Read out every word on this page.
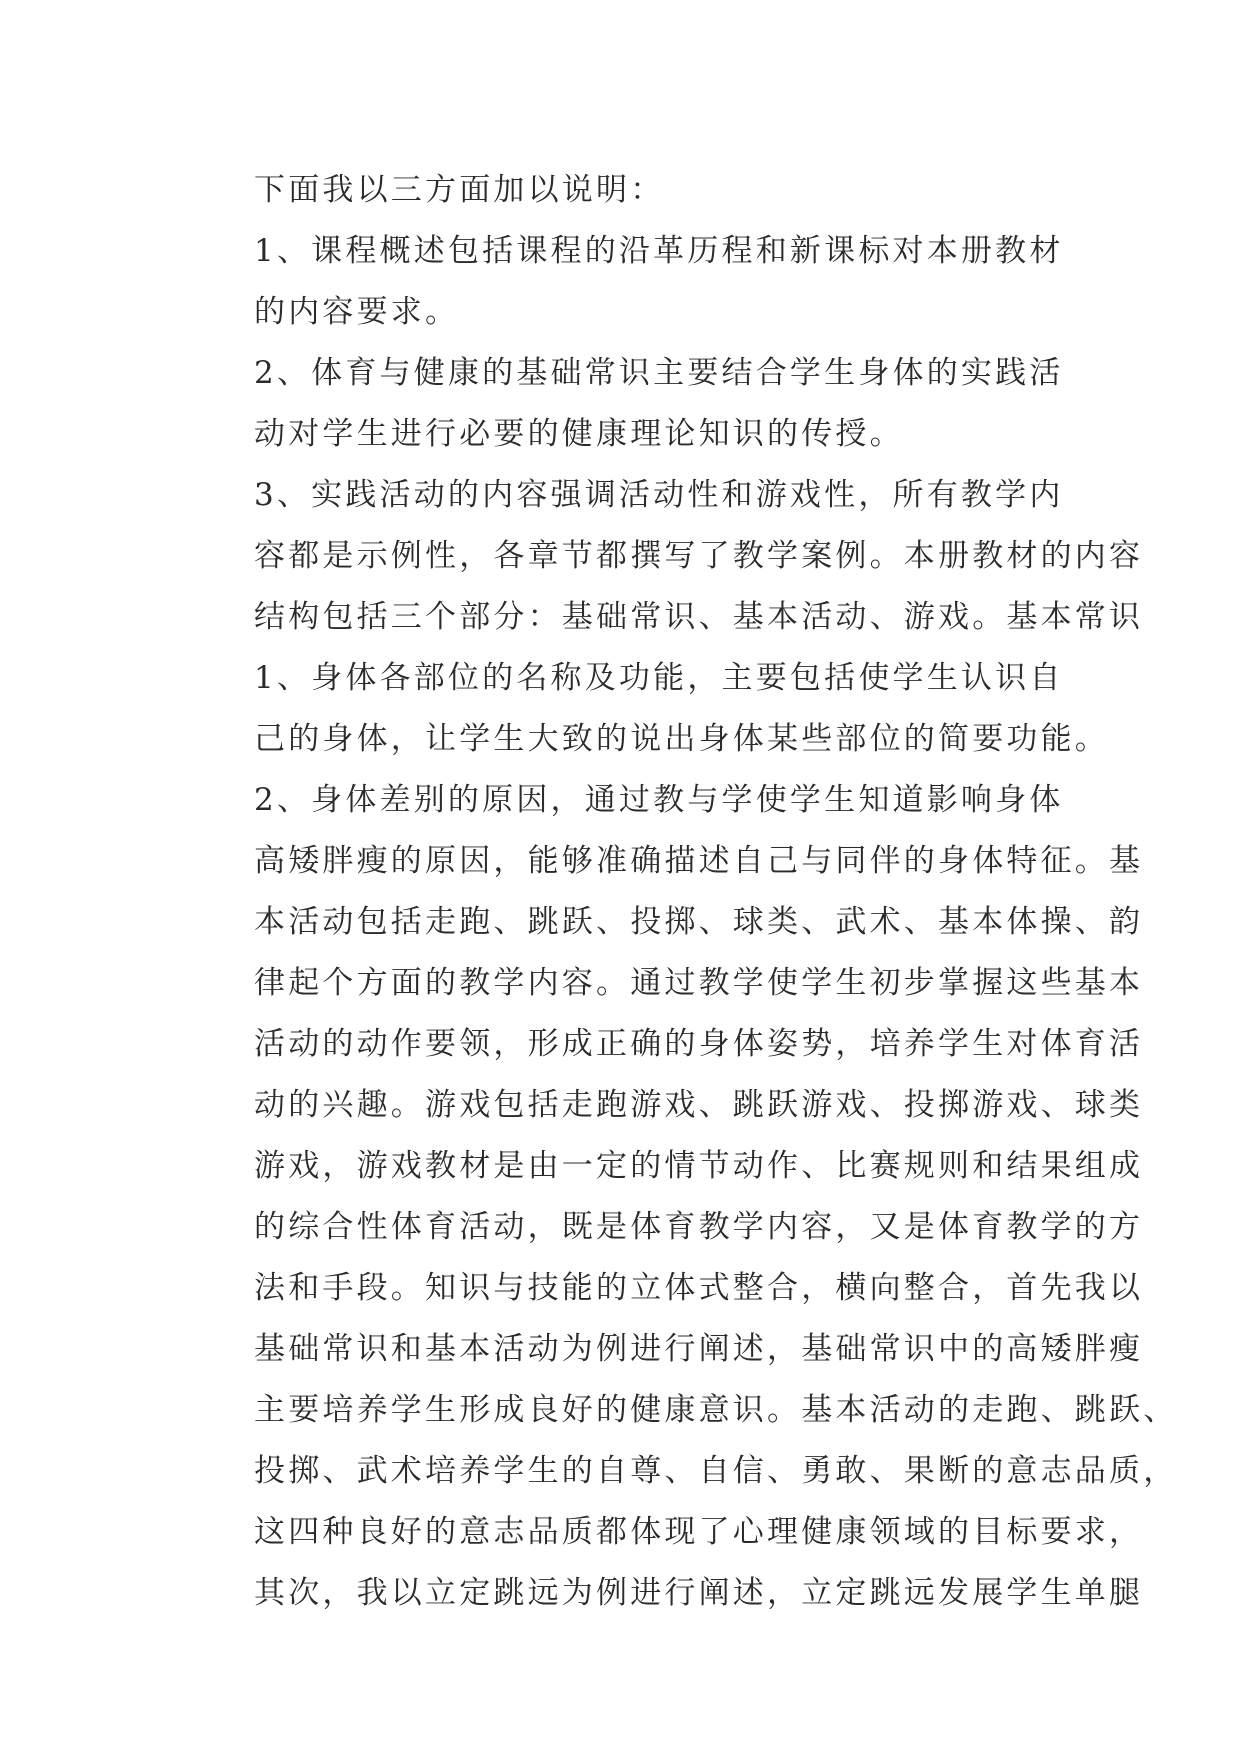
下面我以三方面加以说明：

1、课程概述包括课程的沿革历程和新课标对本册教材
的内容要求。

2、体育与健康的基础常识主要结合学生身体的实践活
动对学生进行必要的健康理论知识的传授。

3、实践活动的内容强调活动性和游戏性，所有教学内
容都是示例性，各章节都撰写了教学案例。本册教材的内容
结构包括三个部分：基础常识、基本活动、游戏。基本常识

1、身体各部位的名称及功能，主要包括使学生认识自
己的身体，让学生大致的说出身体某些部位的简要功能。

2、身体差别的原因，通过教与学使学生知道影响身体
高矮胖瘦的原因，能够准确描述自己与同伴的身体特征。基
本活动包括走跑、跳跃、投掷、球类、武术、基本体操、韵
律起个方面的教学内容。通过教学使学生初步掌握这些基本
活动的动作要领，形成正确的身体姿势，培养学生对体育活
动的兴趣。游戏包括走跑游戏、跳跃游戏、投掷游戏、球类
游戏，游戏教材是由一定的情节动作、比赛规则和结果组成
的综合性体育活动，既是体育教学内容，又是体育教学的方
法和手段。知识与技能的立体式整合，横向整合，首先我以
基础常识和基本活动为例进行阐述，基础常识中的高矮胖瘦
主要培养学生形成良好的健康意识。基本活动的走跑、跳跃、
投掷、武术培养学生的自尊、自信、勇敢、果断的意志品质，
这四种良好的意志品质都体现了心理健康领域的目标要求，
其次，我以立定跳远为例进行阐述，立定跳远发展学生单腿
